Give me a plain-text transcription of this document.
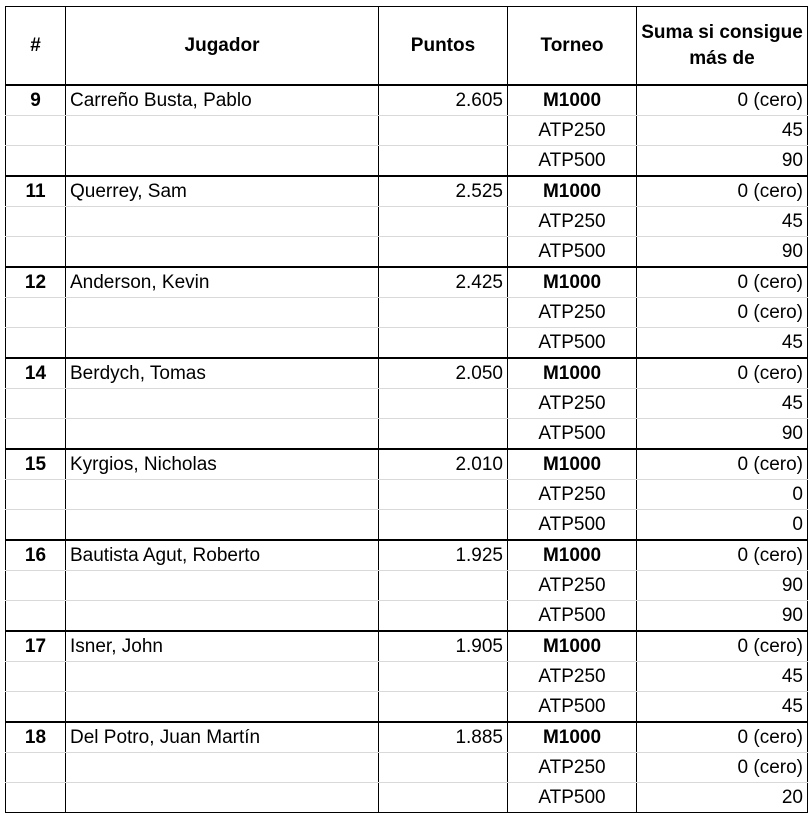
#	Jugador	Puntos	Torneo	Suma si consigue más de
9	Carreño Busta, Pablo	2.605	M1000	0 (cero)
			ATP250	45
			ATP500	90
11	Querrey, Sam	2.525	M1000	0 (cero)
			ATP250	45
			ATP500	90
12	Anderson, Kevin	2.425	M1000	0 (cero)
			ATP250	0 (cero)
			ATP500	45
14	Berdych, Tomas	2.050	M1000	0 (cero)
			ATP250	45
			ATP500	90
15	Kyrgios, Nicholas	2.010	M1000	0 (cero)
			ATP250	0
			ATP500	0
16	Bautista Agut, Roberto	1.925	M1000	0 (cero)
			ATP250	90
			ATP500	90
17	Isner, John	1.905	M1000	0 (cero)
			ATP250	45
			ATP500	45
18	Del Potro, Juan Martín	1.885	M1000	0 (cero)
			ATP250	0 (cero)
			ATP500	20
